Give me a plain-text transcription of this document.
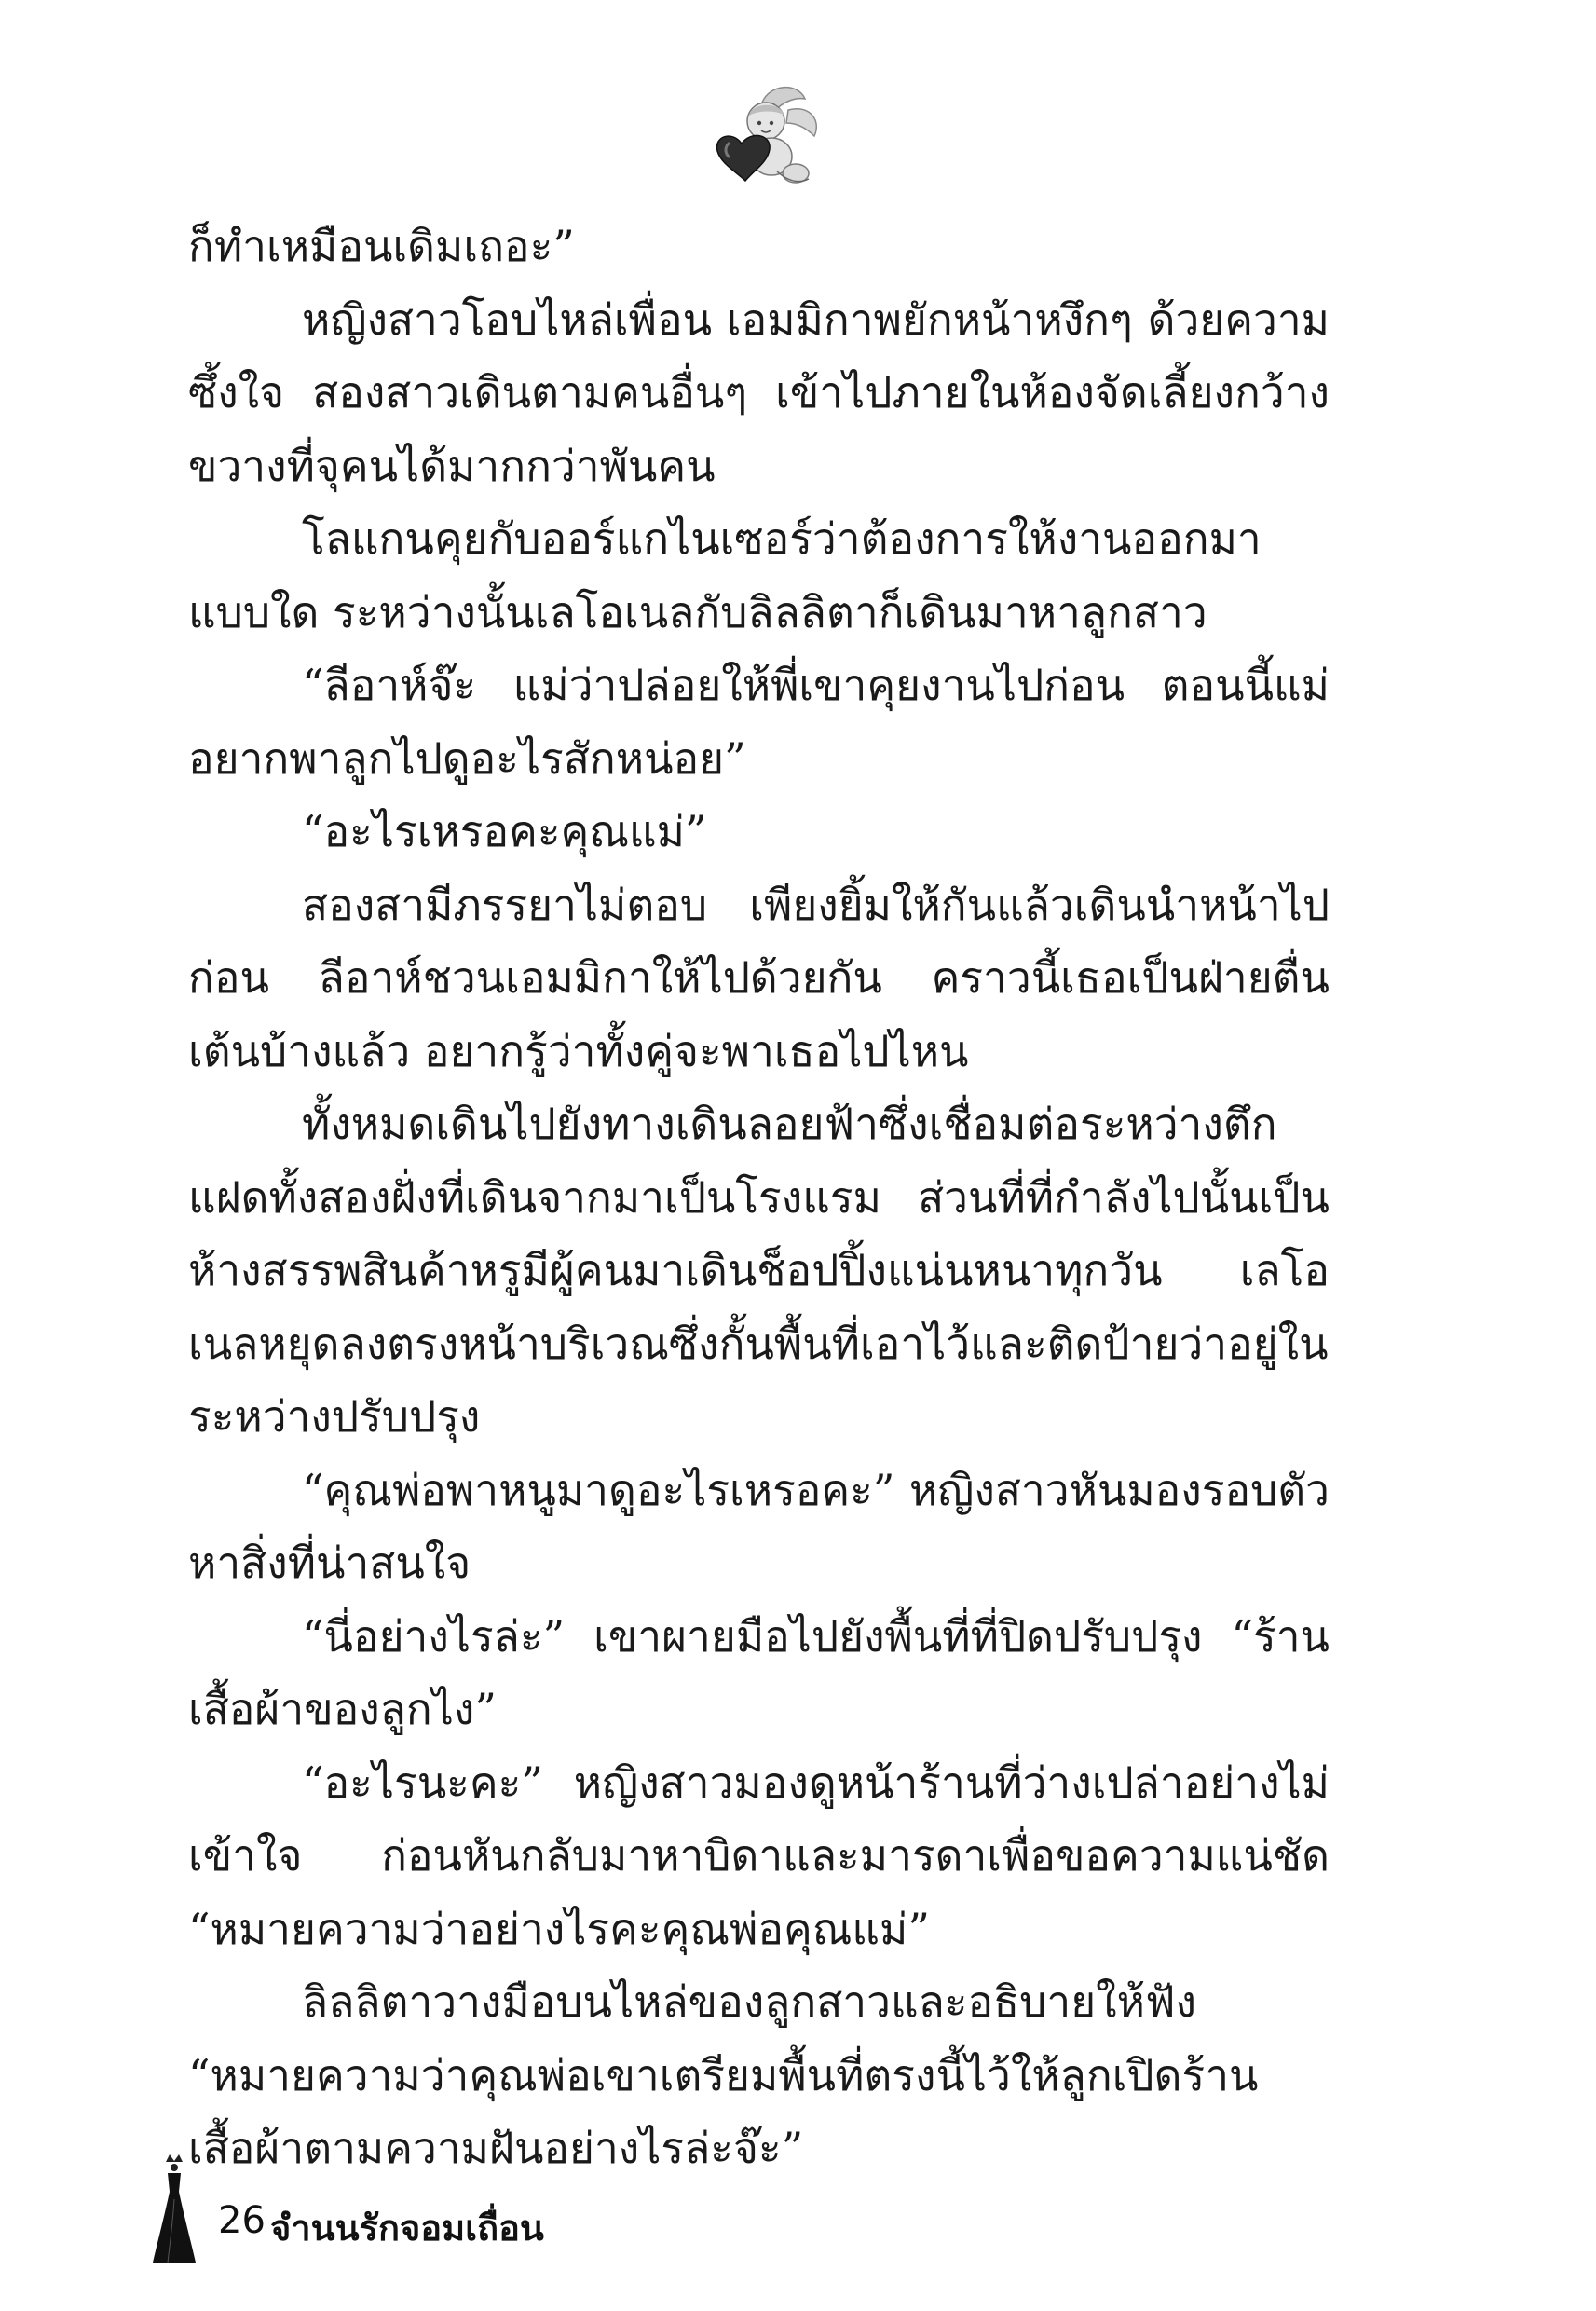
ก็ทำเหมือนเดิมเถอะ”

หญิงสาวโอบไหล่เพื่อน เอมมิกาพยักหน้าหงึกๆ ด้วยความซึ้งใจ สองสาวเดินตามคนอื่นๆ เข้าไปภายในห้องจัดเลี้ยงกว้างขวางที่จุคนได้มากกว่าพันคน

โลแกนคุยกับออร์แกไนเซอร์ว่าต้องการให้งานออกมาแบบใด ระหว่างนั้นเลโอเนลกับลิลลิตาก็เดินมาหาลูกสาว

“ลีอาห์จ๊ะ แม่ว่าปล่อยให้พี่เขาคุยงานไปก่อน ตอนนี้แม่อยากพาลูกไปดูอะไรสักหน่อย”

“อะไรเหรอคะคุณแม่”

สองสามีภรรยาไม่ตอบ เพียงยิ้มให้กันแล้วเดินนำหน้าไปก่อน ลีอาห์ชวนเอมมิกาให้ไปด้วยกัน คราวนี้เธอเป็นฝ่ายตื่นเต้นบ้างแล้ว อยากรู้ว่าทั้งคู่จะพาเธอไปไหน

ทั้งหมดเดินไปยังทางเดินลอยฟ้าซึ่งเชื่อมต่อระหว่างตึกแฝดทั้งสองฝั่งที่เดินจากมาเป็นโรงแรม ส่วนที่ที่กำลังไปนั้นเป็นห้างสรรพสินค้าหรูมีผู้คนมาเดินช็อปปิ้งแน่นหนาทุกวัน เลโอเนลหยุดลงตรงหน้าบริเวณซึ่งกั้นพื้นที่เอาไว้และติดป้ายว่าอยู่ในระหว่างปรับปรุง

“คุณพ่อพาหนูมาดูอะไรเหรอคะ” หญิงสาวหันมองรอบตัว หาสิ่งที่น่าสนใจ

“นี่อย่างไรล่ะ” เขาผายมือไปยังพื้นที่ที่ปิดปรับปรุง “ร้านเสื้อผ้าของลูกไง”

“อะไรนะคะ” หญิงสาวมองดูหน้าร้านที่ว่างเปล่าอย่างไม่เข้าใจ ก่อนหันกลับมาหาบิดาและมารดาเพื่อขอความแน่ชัด “หมายความว่าอย่างไรคะคุณพ่อคุณแม่”

ลิลลิตาวางมือบนไหล่ของลูกสาวและอธิบายให้ฟัง “หมายความว่าคุณพ่อเขาเตรียมพื้นที่ตรงนี้ไว้ให้ลูกเปิดร้านเสื้อผ้าตามความฝันอย่างไรล่ะจ๊ะ”

26 จำนนรักจอมเถื่อน
